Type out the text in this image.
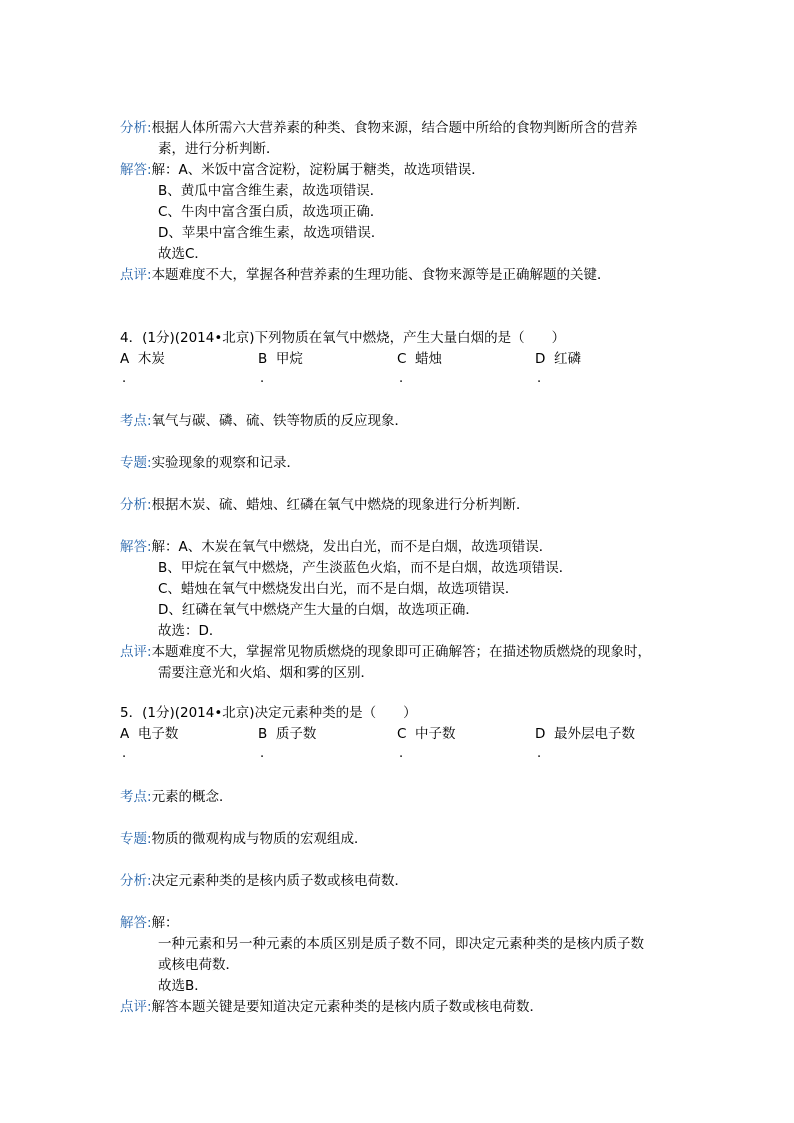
分析:根据人体所需六大营养素的种类、食物来源，结合题中所给的食物判断所含的营养
素，进行分析判断．
解答:解：A、米饭中富含淀粉，淀粉属于糖类，故选项错误．
B、黄瓜中富含维生素，故选项错误．
C、牛肉中富含蛋白质，故选项正确．
D、苹果中富含维生素，故选项错误．
故选C．
点评:本题难度不大，掌握各种营养素的生理功能、食物来源等是正确解题的关键．
4．(1分)(2014•北京)下列物质在氧气中燃烧，产生大量白烟的是（　　）
A 木炭
.
B 甲烷
.
C 蜡烛
.
D 红磷
.
考点:氧气与碳、磷、硫、铁等物质的反应现象．
专题:实验现象的观察和记录．
分析:根据木炭、硫、蜡烛、红磷在氧气中燃烧的现象进行分析判断．
解答:解：A、木炭在氧气中燃烧，发出白光，而不是白烟，故选项错误．
B、甲烷在氧气中燃烧，产生淡蓝色火焰，而不是白烟，故选项错误．
C、蜡烛在氧气中燃烧发出白光，而不是白烟，故选项错误．
D、红磷在氧气中燃烧产生大量的白烟，故选项正确．
故选：D．
点评:本题难度不大，掌握常见物质燃烧的现象即可正确解答；在描述物质燃烧的现象时，
需要注意光和火焰、烟和雾的区别．
5．(1分)(2014•北京)决定元素种类的是（　　）
A 电子数
.
B 质子数
.
C 中子数
.
D 最外层电子数
.
考点:元素的概念．
专题:物质的微观构成与物质的宏观组成．
分析:决定元素种类的是核内质子数或核电荷数．
解答:解：
一种元素和另一种元素的本质区别是质子数不同，即决定元素种类的是核内质子数
或核电荷数．
故选B．
点评:解答本题关键是要知道决定元素种类的是核内质子数或核电荷数．
